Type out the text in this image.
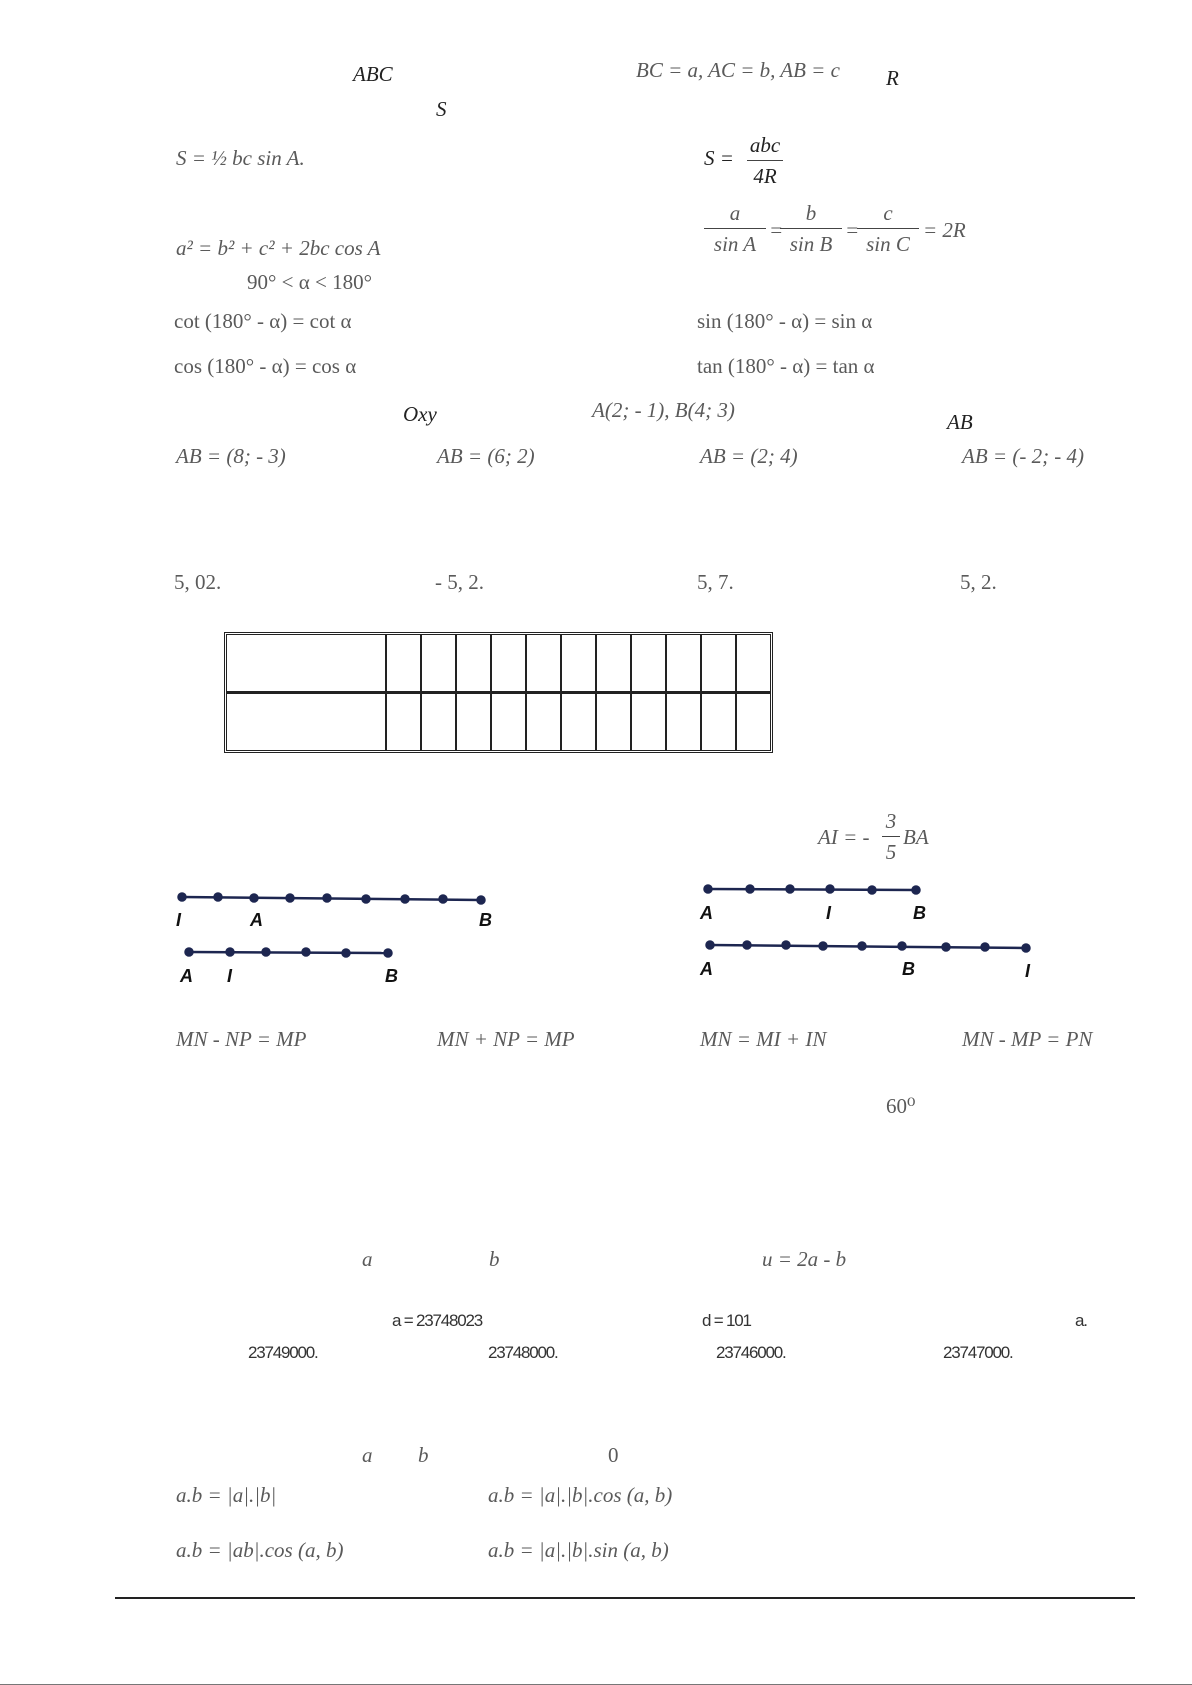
ABC	BC = a, AC = b, AB = c R
S
S = ½ bc sin A.	S =
abc
4R
a² = b² + c² + 2bc cos A	$\frac{a}{\text{sin A}}$ =
$\frac{b}{\text{sin B}}$ =
$\frac{c}{\text{sin C}} = 2R$
90° < α < 180°
cot (180° - α) = cot α	sin (180° - α) = sin α
cos (180° - α) = cos α	tan (180° - α) = tan α
Oxy	A(2; - 1), B(4; 3)	AB
AB = (8; - 3)	AB = (6; 2)	AB = (2; 4)	AB = (- 2; - 4)
5, 02.	- 5, 2.	5, 7.	5, 2.

AI = - $\frac{3}{5}$ BA
I	A	B
A I	B
A	I	B
A	B	I
MN - NP = MP	MN + NP = MP	MN = MI + IN	MN - MP = PN
60⁰
a	b	u = 2a - b
a = 23748023	d = 101	a.
23749000.	23748000.	23746000.	23747000.
a b	0
a.b = |a|.|b|	a.b = |a|.|b|.cos (a, b)
a.b = |ab|.cos (a, b)	a.b = |a|.|b|.sin (a, b)
